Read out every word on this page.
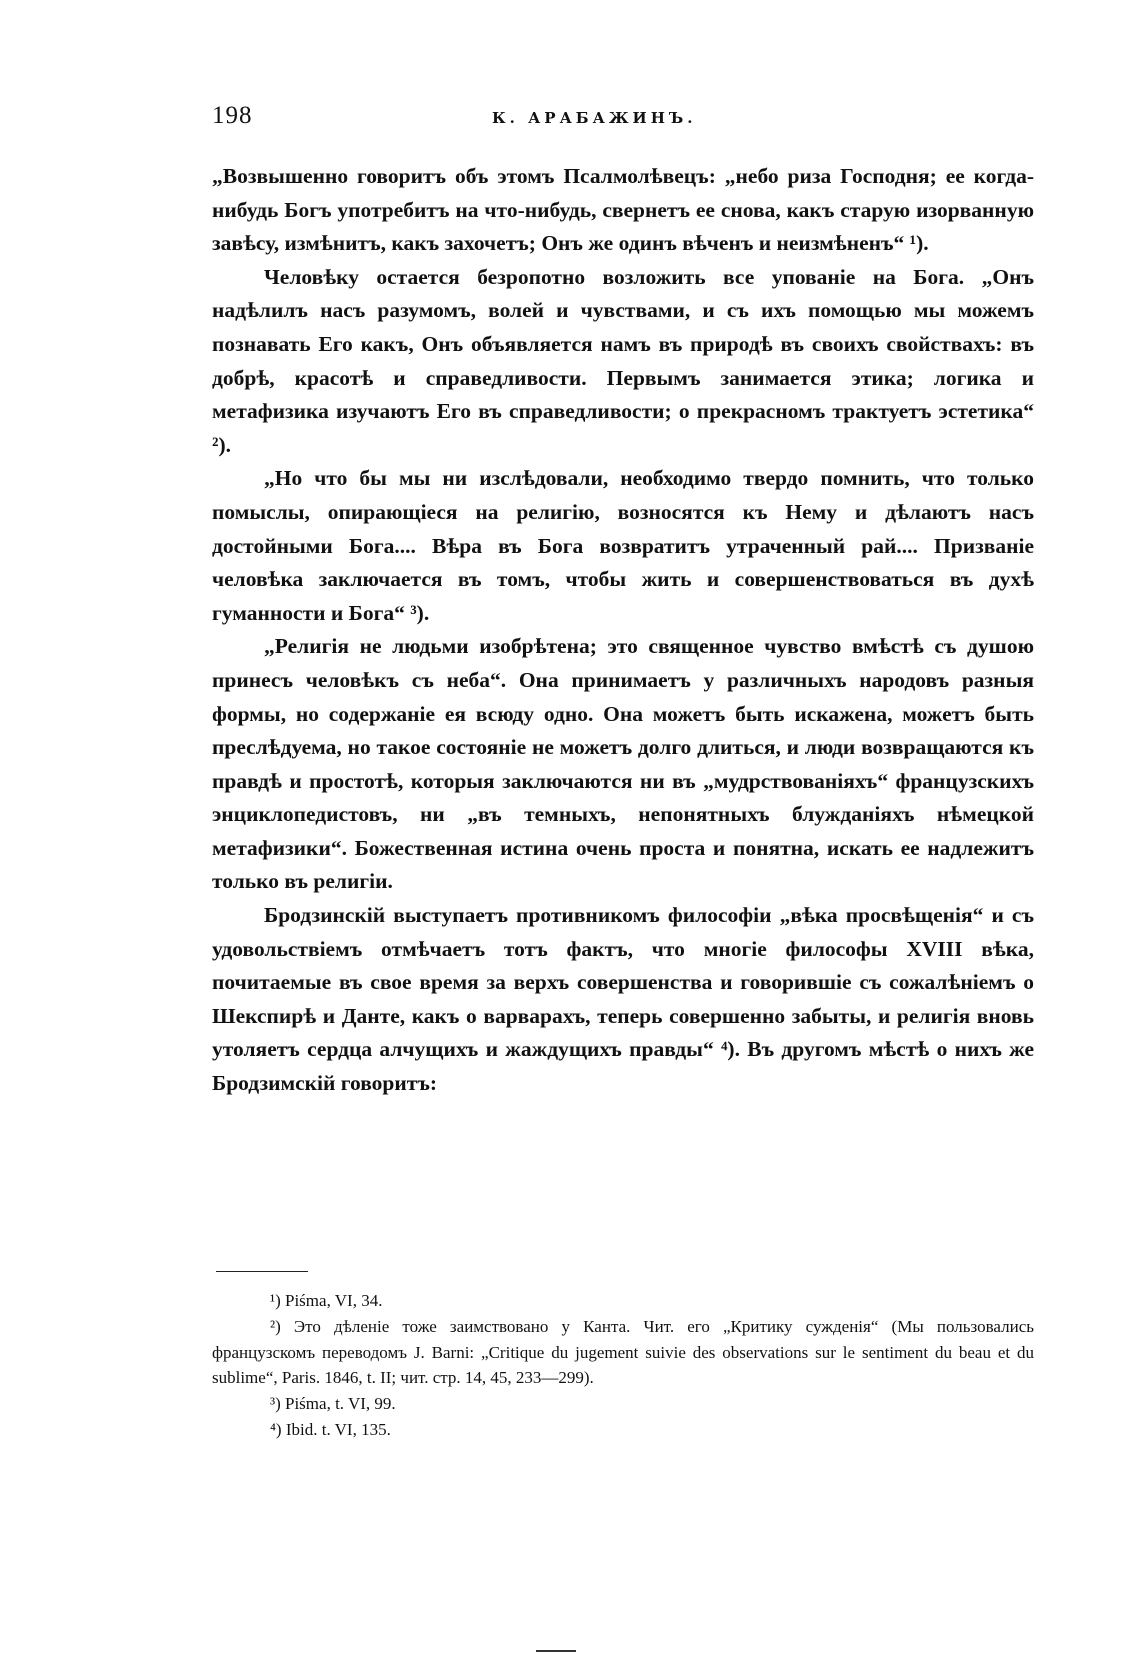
198	К. АРАБАЖИНЪ.

„Возвышенно говоритъ объ этомъ Псалмолѣвецъ: „небо риза Господня; ее когда-нибудь Богъ употребитъ на что-нибудь, свернетъ ее снова, какъ старую изорванную завѣсу, измѣнитъ, какъ захочетъ; Онъ же одинъ вѣченъ и неизмѣненъ“ ¹).

Человѣку остается безропотно возложить все упованіе на Бога. „Онъ надѣлилъ насъ разумомъ, волей и чувствами, и съ ихъ помощью мы можемъ познавать Его какъ, Онъ объявляется намъ въ природѣ въ своихъ свойствахъ: въ добрѣ, красотѣ и справедливости. Первымъ занимается этика; логика и метафизика изучаютъ Его въ справедливости; о прекрасномъ трактуетъ эстетика“ ²).

„Но что бы мы ни изслѣдовали, необходимо твердо помнить, что только помыслы, опирающіеся на религію, возносятся къ Нему и дѣлаютъ насъ достойными Бога.... Вѣра въ Бога возвратитъ утраченный рай.... Призваніе человѣка заключается въ томъ, чтобы жить и совершенствоваться въ духѣ гуманности и Бога“ ³).

„Религія не людьми изобрѣтена; это священное чувство вмѣстѣ съ душою принесъ человѣкъ съ неба“. Она принимаетъ у различныхъ народовъ разныя формы, но содержаніе ея всюду одно. Она можетъ быть искажена, можетъ быть преслѣдуема, но такое состояніе не можетъ долго длиться, и люди возвращаются къ правдѣ и простотѣ, которыя заключаются ни въ „мудрствованіяхъ“ французскихъ энциклопедистовъ, ни „въ темныхъ, непонятныхъ блужданіяхъ нѣмецкой метафизики“. Божественная истина очень проста и понятна, искать ее надлежитъ только въ религіи.

Бродзинскій выступаетъ противникомъ философіи „вѣка просвѣщенія“ и съ удовольствіемъ отмѣчаетъ тотъ фактъ, что многіе философы XVIII вѣка, почитаемые въ свое время за верхъ совершенства и говорившіе съ сожалѣніемъ о Шекспирѣ и Данте, какъ о варварахъ, теперь совершенно забыты, и религія вновь утоляетъ сердца алчущихъ и жаждущихъ правды“ ⁴). Въ другомъ мѣстѣ о нихъ же Бродзимскій говоритъ:

¹) Piśma, VI, 34.

²) Это дѣленіе тоже заимствовано у Канта. Чит. его „Критику сужденія“ (Мы пользовались французскомъ переводомъ J. Barni: „Critique du jugement suivie des observations sur le sentiment du beau et du sublime“, Paris. 1846, t. II; чит. стр. 14, 45, 233—299).

³) Piśma, t. VI, 99.

⁴) Ibid. t. VI, 135.
